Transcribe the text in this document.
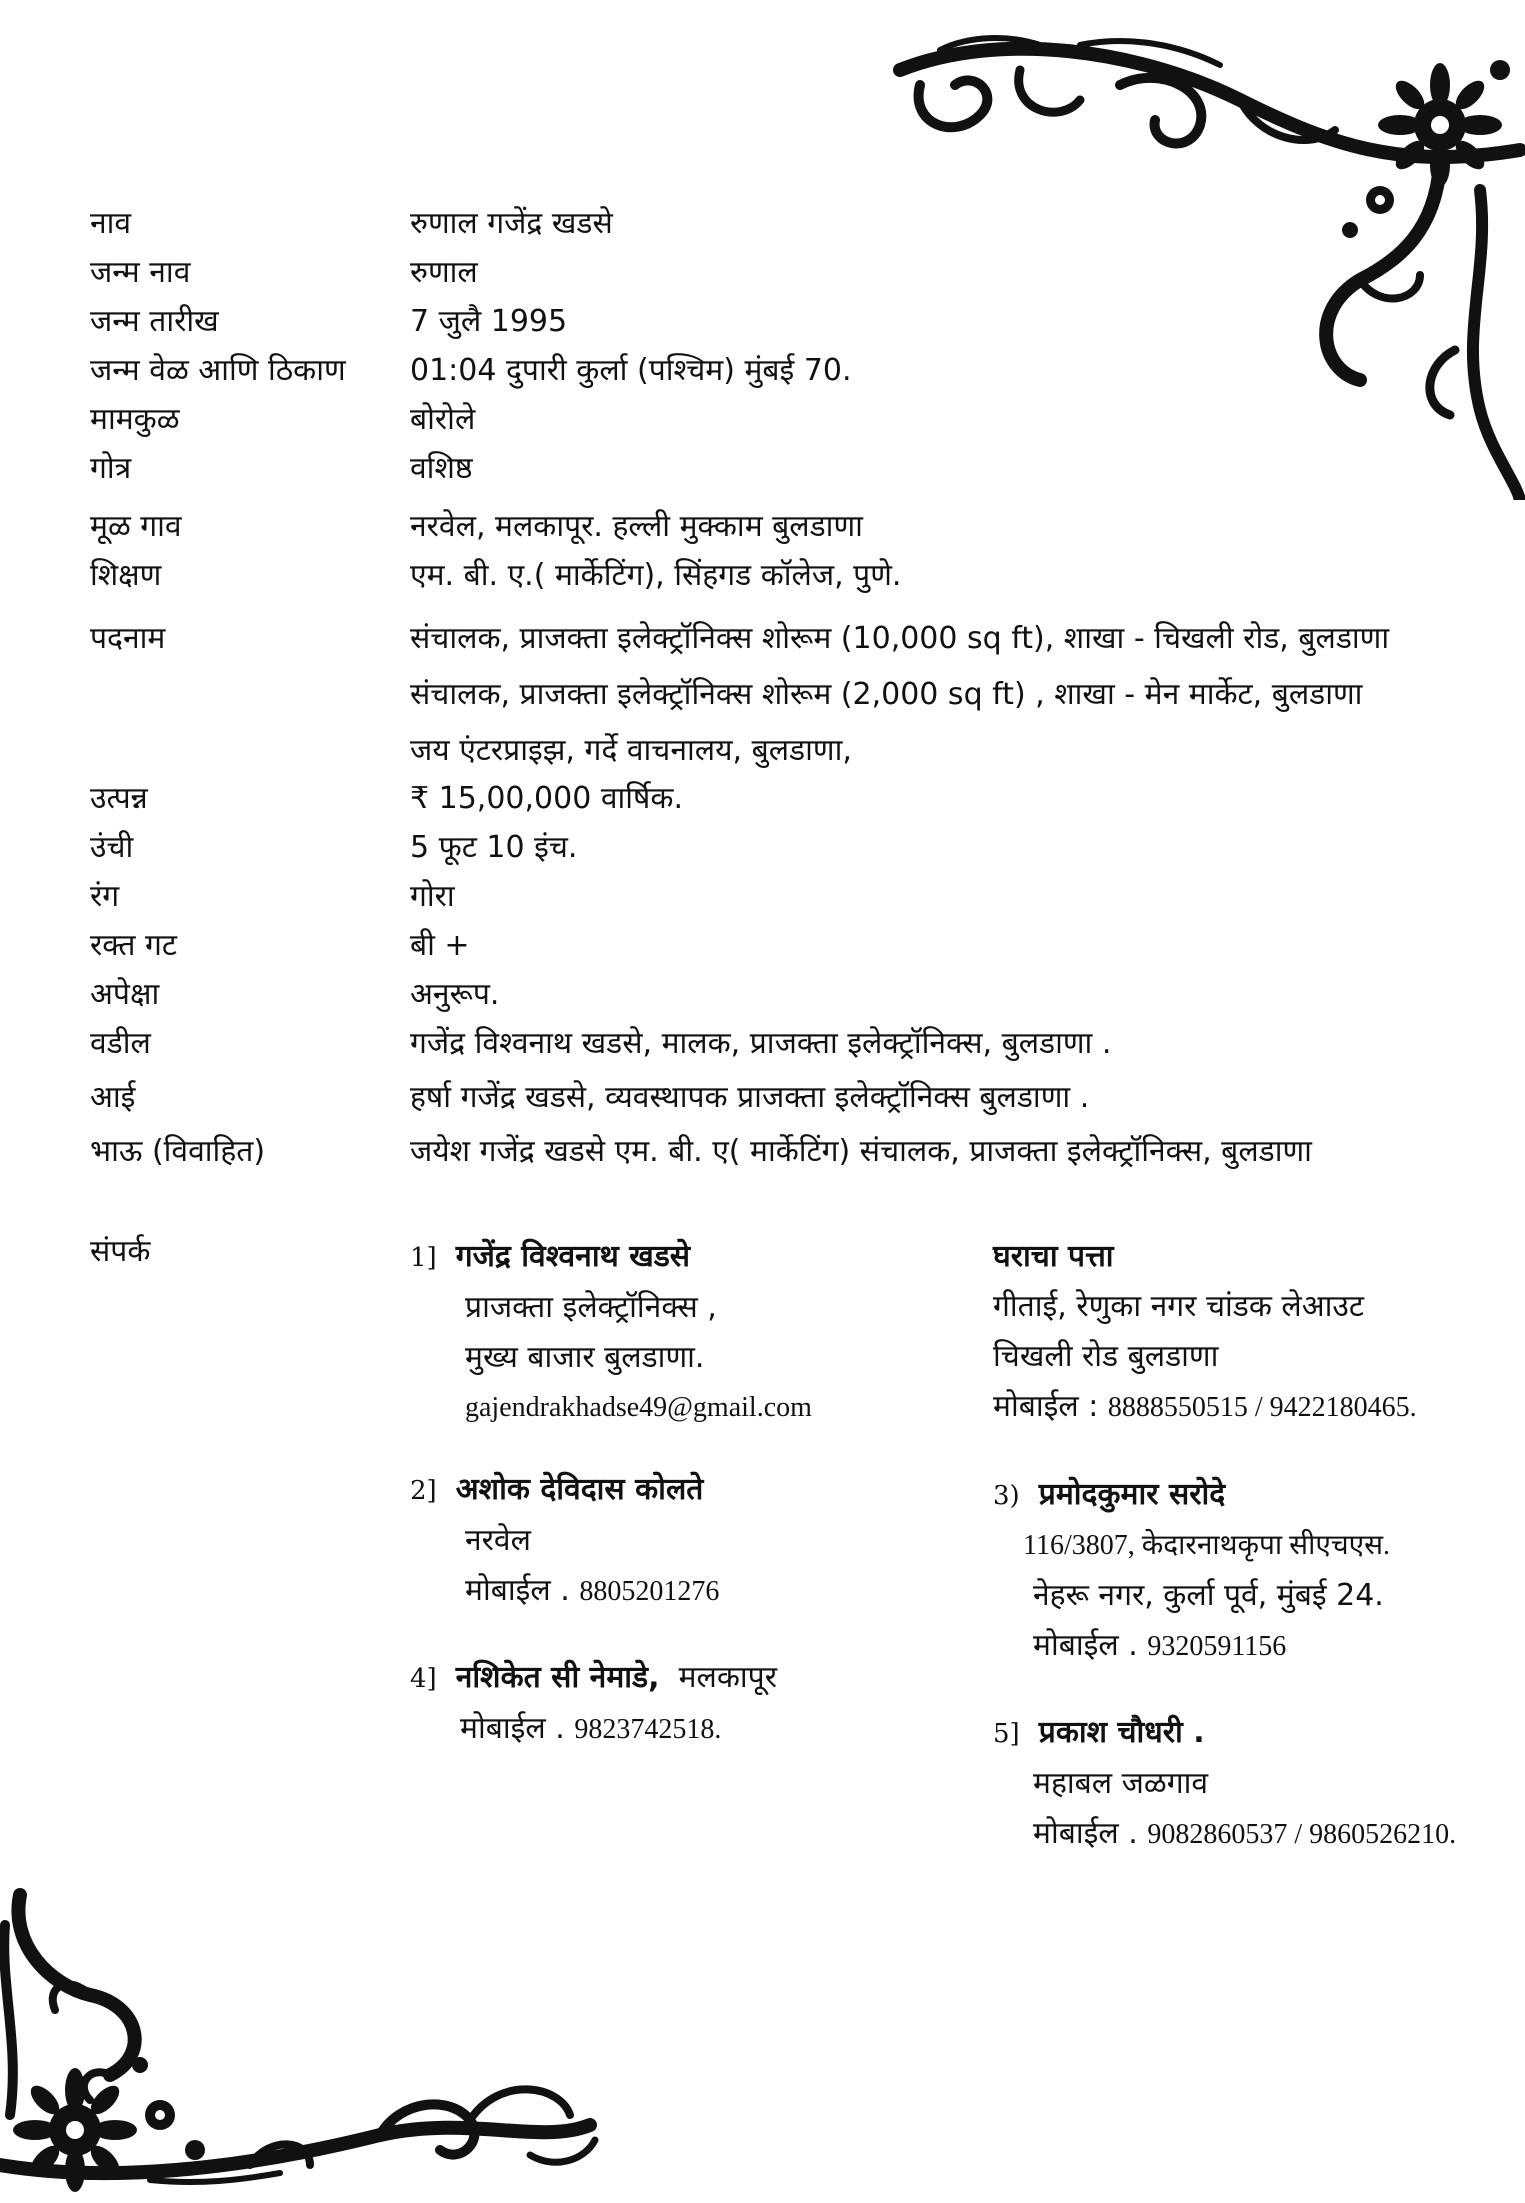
नाव	रुणाल गजेंद्र खडसे
जन्म नाव	रुणाल
जन्म तारीख	7 जुलै 1995
जन्म वेळ आणि ठिकाण 01:04 दुपारी कुर्ला (पश्चिम) मुंबई 70.
मामकुळ	बोरोले
गोत्र	वशिष्ठ
मूळ गाव	नरवेल, मलकापूर. हल्ली मुक्काम बुलडाणा
शिक्षण	एम. बी. ए.( मार्केटिंग), सिंहगड कॉलेज, पुणे.
पदनाम	संचालक, प्राजक्ता इलेक्ट्रॉनिक्स शोरूम (10,000 sq ft), शाखा - चिखली रोड, बुलडाणा
संचालक, प्राजक्ता इलेक्ट्रॉनिक्स शोरूम (2,000 sq ft) , शाखा - मेन मार्केट, बुलडाणा
जय एंटरप्राइझ, गर्दे वाचनालय, बुलडाणा,
उत्पन्न	₹ 15,00,000 वार्षिक.
उंची	5 फूट 10 इंच.
रंग	गोरा
रक्त गट	बी +
अपेक्षा	अनुरूप.
वडील	गजेंद्र विश्वनाथ खडसे, मालक, प्राजक्ता इलेक्ट्रॉनिक्स, बुलडाणा .
आई	हर्षा गजेंद्र खडसे, व्यवस्थापक प्राजक्ता इलेक्ट्रॉनिक्स बुलडाणा .
भाऊ (विवाहित)	जयेश गजेंद्र खडसे एम. बी. ए( मार्केटिंग) संचालक, प्राजक्ता इलेक्ट्रॉनिक्स, बुलडाणा
संपर्क	1] गजेंद्र विश्वनाथ खडसे
प्राजक्ता इलेक्ट्रॉनिक्स ,
मुख्य बाजार बुलडाणा.
gajendrakhadse49@gmail.com
घराचा पत्ता
गीताई, रेणुका नगर चांडक लेआउट
चिखली रोड बुलडाणा
मोबाईल : 8888550515 / 9422180465.
2] अशोक देविदास कोलते
नरवेल
मोबाईल . 8805201276
3) प्रमोदकुमार सरोदे
116/3807, केदारनाथकृपा सीएचएस.
नेहरू नगर, कुर्ला पूर्व, मुंबई 24.
मोबाईल . 9320591156
4] नशिकेत सी नेमाडे, मलकापूर
मोबाईल . 9823742518.	5] प्रकाश चौधरी .
महाबल जळगाव
मोबाईल . 9082860537 / 9860526210.
